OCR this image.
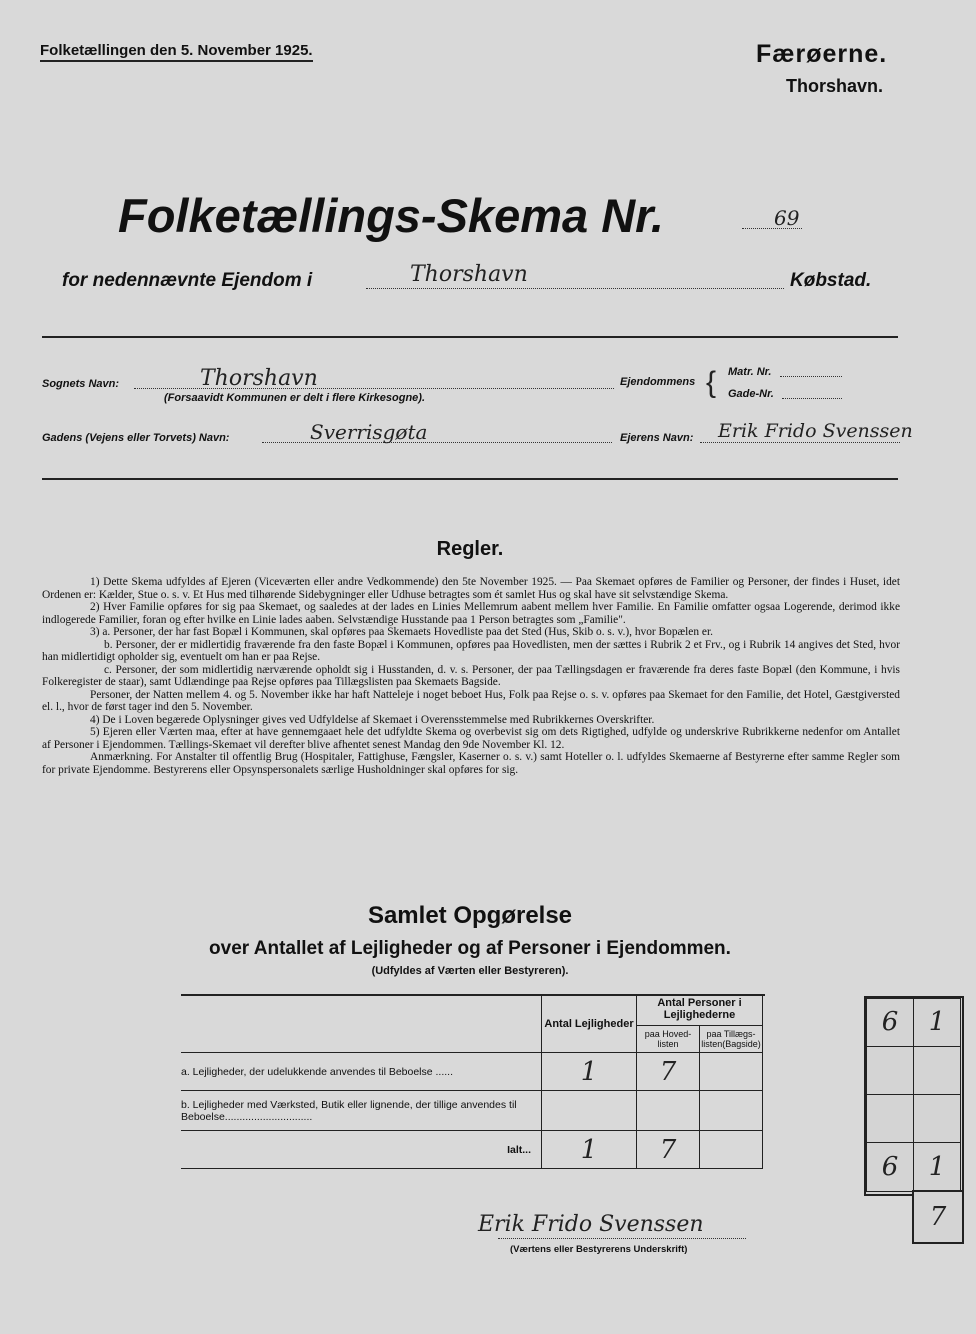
Folketællingen den 5. November 1925.	Færøerne.
Thorshavn.
Folketællings-Skema Nr.	69
for nedennævnte Ejendom i	Thorshavn	Købstad.
Sognets Navn:	Thorshavn
(Forsaavidt Kommunen er delt i flere Kirkesogne).
Ejendommens { Matr. Nr.
Gade-Nr.
Gadens (Vejens eller Torvets) Navn:	Sverrisgøta	Ejerens Navn: Erik Frido Svenssen
Regler.

1) Dette Skema udfyldes af Ejeren (Viceværten eller andre Vedkommende) den 5te November 1925. — Paa Skemaet opføres de Familier og Personer, der findes i Huset, idet Ordenen er: Kælder, Stue o. s. v. Et Hus med tilhørende Sidebygninger eller Udhuse betragtes som ét samlet Hus og skal have sit selvstændige Skema.

2) Hver Familie opføres for sig paa Skemaet, og saaledes at der lades en Linies Mellemrum aabent mellem hver Familie. En Familie omfatter ogsaa Logerende, derimod ikke indlogerede Familier, foran og efter hvilke en Linie lades aaben. Selvstændige Husstande paa 1 Person betragtes som „Familie".

3) a. Personer, der har fast Bopæl i Kommunen, skal opføres paa Skemaets Hovedliste paa det Sted (Hus, Skib o. s. v.), hvor Bopælen er.

b. Personer, der er midlertidig fraværende fra den faste Bopæl i Kommunen, opføres paa Hovedlisten, men der sættes i Rubrik 2 et Frv., og i Rubrik 14 angives det Sted, hvor han midlertidigt opholder sig, eventuelt om han er paa Rejse.

c. Personer, der som midlertidig nærværende opholdt sig i Husstanden, d. v. s. Personer, der paa Tællingsdagen er fraværende fra deres faste Bopæl (den Kommune, i hvis Folkeregister de staar), samt Udlændinge paa Rejse opføres paa Tillægslisten paa Skemaets Bagside.

Personer, der Natten mellem 4. og 5. November ikke har haft Natteleje i noget beboet Hus, Folk paa Rejse o. s. v. opføres paa Skemaet for den Familie, det Hotel, Gæstgiversted el. l., hvor de først tager ind den 5. November.

4) De i Loven begærede Oplysninger gives ved Udfyldelse af Skemaet i Overensstemmelse med Rubrikkernes Overskrifter.

5) Ejeren eller Værten maa, efter at have gennemgaaet hele det udfyldte Skema og overbevist sig om dets Rigtighed, udfylde og underskrive Rubrikkerne nedenfor om Antallet af Personer i Ejendommen. Tællings-Skemaet vil derefter blive afhentet senest Mandag den 9de November Kl. 12.

Anmærkning. For Anstalter til offentlig Brug (Hospitaler, Fattighuse, Fængsler, Kaserner o. s. v.) samt Hoteller o. l. udfyldes Skemaerne af Bestyrerne efter samme Regler som for private Ejendomme. Bestyrerens eller Opsynspersonalets særlige Husholdninger skal opføres for sig.

Samlet Opgørelse
over Antallet af Lejligheder og af Personer i Ejendommen.
(Udfyldes af Værten eller Bestyreren).
	Antal Lejligheder	Antal Personer i Lejlighederne
paa Hoved-listen
paa Tillægs-listen(Bagside)	

a. Lejligheder, der udelukkende anvendes til Beboelse ......	1	7	
b. Lejligheder med Værksted, Butik eller lignende, der tillige anvendes til Beboelse..............................			
Ialt...	1	7	
6	1
6	1
7
Erik Frido Svenssen
(Værtens eller Bestyrerens Underskrift)
